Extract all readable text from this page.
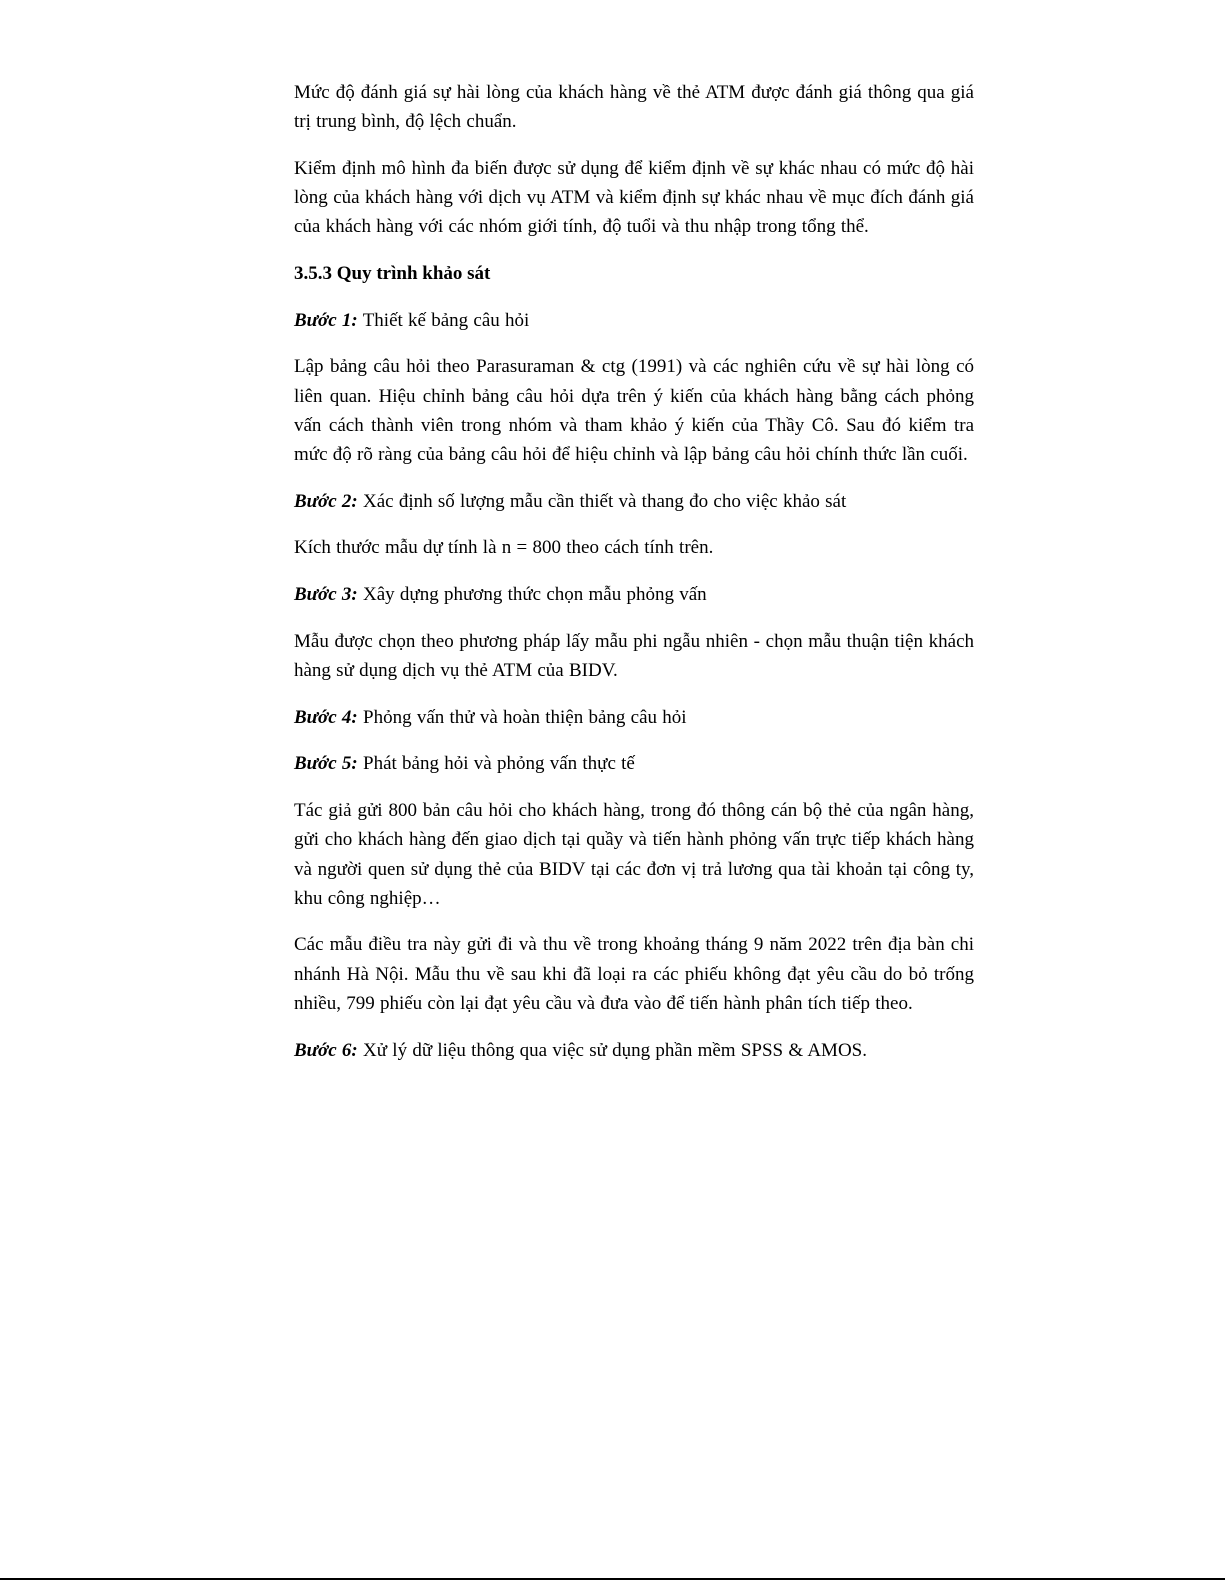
Mức độ đánh giá sự hài lòng của khách hàng về thẻ ATM được đánh giá thông qua giá trị trung bình, độ lệch chuẩn.

Kiểm định mô hình đa biến được sử dụng để kiểm định về sự khác nhau có mức độ hài lòng của khách hàng với dịch vụ ATM và kiểm định sự khác nhau về mục đích đánh giá của khách hàng với các nhóm giới tính, độ tuổi và thu nhập trong tổng thể.

3.5.3 Quy trình khảo sát

Bước 1: Thiết kế bảng câu hỏi

Lập bảng câu hỏi theo Parasuraman & ctg (1991) và các nghiên cứu về sự hài lòng có liên quan. Hiệu chỉnh bảng câu hỏi dựa trên ý kiến của khách hàng bằng cách phỏng vấn cách thành viên trong nhóm và tham khảo ý kiến của Thầy Cô. Sau đó kiểm tra mức độ rõ ràng của bảng câu hỏi để hiệu chỉnh và lập bảng câu hỏi chính thức lần cuối.

Bước 2: Xác định số lượng mẫu cần thiết và thang đo cho việc khảo sát

Kích thước mẫu dự tính là n = 800 theo cách tính trên.

Bước 3: Xây dựng phương thức chọn mẫu phỏng vấn

Mẫu được chọn theo phương pháp lấy mẫu phi ngẫu nhiên - chọn mẫu thuận tiện khách hàng sử dụng dịch vụ thẻ ATM của BIDV.

Bước 4: Phỏng vấn thử và hoàn thiện bảng câu hỏi

Bước 5: Phát bảng hỏi và phỏng vấn thực tế

Tác giả gửi 800 bản câu hỏi cho khách hàng, trong đó thông cán bộ thẻ của ngân hàng, gửi cho khách hàng đến giao dịch tại quầy và tiến hành phỏng vấn trực tiếp khách hàng và người quen sử dụng thẻ của BIDV tại các đơn vị trả lương qua tài khoản tại công ty, khu công nghiệp…

Các mẫu điều tra này gửi đi và thu về trong khoảng tháng 9 năm 2022 trên địa bàn chi nhánh Hà Nội. Mẫu thu về sau khi đã loại ra các phiếu không đạt yêu cầu do bỏ trống nhiều, 799 phiếu còn lại đạt yêu cầu và đưa vào để tiến hành phân tích tiếp theo.

Bước 6: Xử lý dữ liệu thông qua việc sử dụng phần mềm SPSS & AMOS.
